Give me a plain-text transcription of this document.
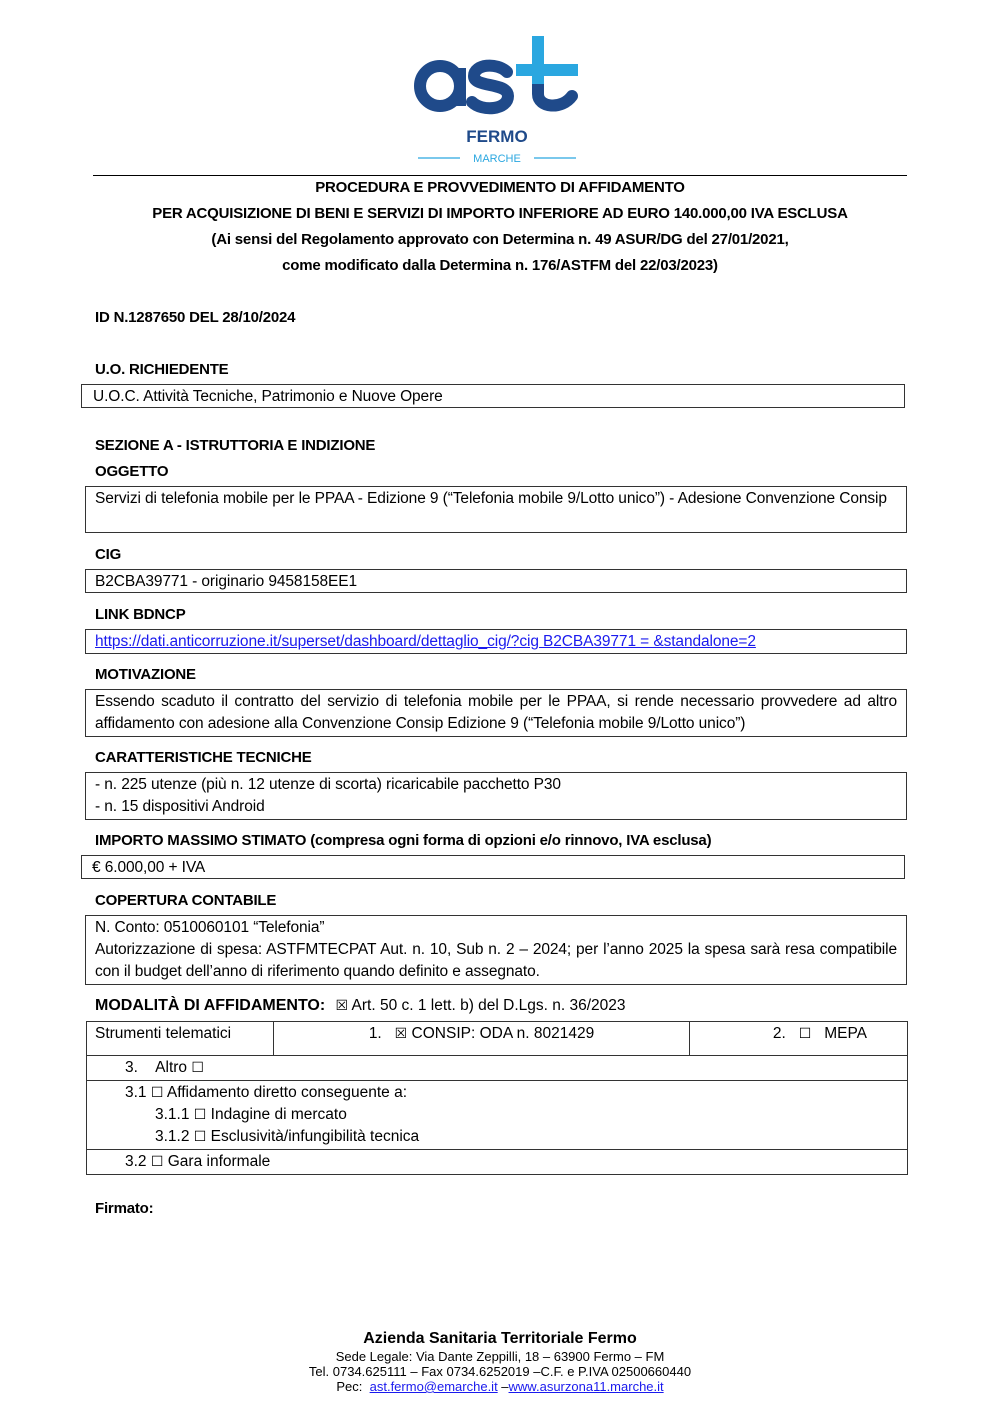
FERMO
MARCHE
PROCEDURA E PROVVEDIMENTO DI AFFIDAMENTO
PER ACQUISIZIONE DI BENI E SERVIZI DI IMPORTO INFERIORE AD EURO 140.000,00 IVA ESCLUSA
(Ai sensi del Regolamento approvato con Determina n. 49 ASUR/DG del 27/01/2021,
come modificato dalla Determina n. 176/ASTFM del 22/03/2023)
ID N.1287650 DEL 28/10/2024
U.O. RICHIEDENTE
U.O.C. Attività Tecniche, Patrimonio e Nuove Opere
SEZIONE A - ISTRUTTORIA E INDIZIONE
OGGETTO
Servizi di telefonia mobile per le PPAA - Edizione 9 (“Telefonia mobile 9/Lotto unico”) - Adesione Convenzione Consip
CIG
B2CBA39771 - originario 9458158EE1
LINK BDNCP
https://dati.anticorruzione.it/superset/dashboard/dettaglio_cig/?cig B2CBA39771 = &standalone=2
MOTIVAZIONE
Essendo scaduto il contratto del servizio di telefonia mobile per le PPAA, si rende necessario provvedere ad altro affidamento con adesione alla Convenzione Consip Edizione 9 (“Telefonia mobile 9/Lotto unico”)
CARATTERISTICHE TECNICHE
- n. 225 utenze (più n. 12 utenze di scorta) ricaricabile pacchetto P30
- n. 15 dispositivi Android
IMPORTO MASSIMO STIMATO (compresa ogni forma di opzioni e/o rinnovo, IVA esclusa)
€ 6.000,00 + IVA
COPERTURA CONTABILE
N. Conto: 0510060101 “Telefonia”
Autorizzazione di spesa: ASTFMTECPAT Aut. n. 10, Sub n. 2 – 2024; per l’anno 2025 la spesa sarà resa compatibile con il budget dell’anno di riferimento quando definito e assegnato.
MODALITÀ DI AFFIDAMENTO: ☒ Art. 50 c. 1 lett. b) del D.Lgs. n. 36/2023
Strumenti telematici	1. ☒ CONSIP: ODA n. 8021429	2. ☐ MEPA
3. Altro ☐

3.1 ☐ Affidamento diretto conseguente a:
3.1.1 ☐ Indagine di mercato
3.1.2 ☐ Esclusività/infungibilità tecnica

3.2 ☐ Gara informale
Firmato:
Azienda Sanitaria Territoriale Fermo
Sede Legale: Via Dante Zeppilli, 18 – 63900 Fermo – FM
Tel. 0734.625111 – Fax 0734.6252019 –C.F. e P.IVA 02500660440
Pec: ast.fermo@emarche.it –www.asurzona11.marche.it
